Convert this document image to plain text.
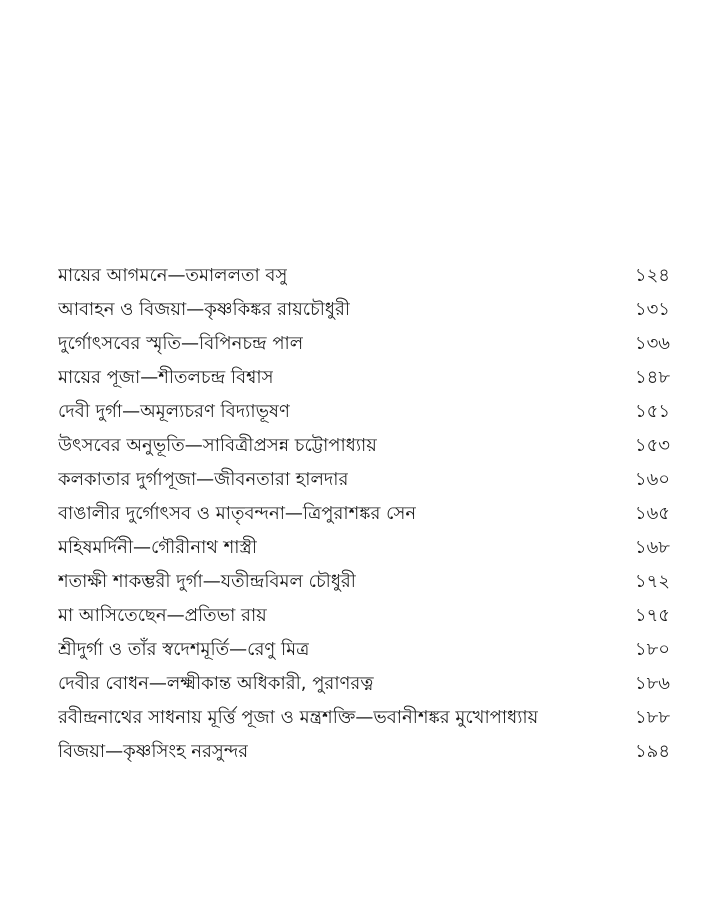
মায়ের আগমনে—তমাললতা বসু	১২৪
আবাহন ও বিজয়া—কৃষ্ণকিঙ্কর রায়চৌধুরী	১৩১
দুর্গোৎসবের স্মৃতি—বিপিনচন্দ্র পাল	১৩৬
মায়ের পূজা—শীতলচন্দ্র বিশ্বাস	১৪৮
দেবী দুর্গা—অমূল্যচরণ বিদ্যাভূষণ	১৫১
উৎসবের অনুভূতি—সাবিত্রীপ্রসন্ন চট্টোপাধ্যায়	১৫৩
কলকাতার দুর্গাপূজা—জীবনতারা হালদার	১৬০
বাঙালীর দুর্গোৎসব ও মাতৃবন্দনা—ত্রিপুরাশঙ্কর সেন	১৬৫
মহিষমর্দিনী—গৌরীনাথ শাস্ত্রী	১৬৮
শতাক্ষী শাকম্ভরী দুর্গা—যতীন্দ্রবিমল চৌধুরী	১৭২
মা আসিতেছেন—প্রতিভা রায়	১৭৫
শ্রীদুর্গা ও তাঁর স্বদেশমূর্তি—রেণু মিত্র	১৮০
দেবীর বোধন—লক্ষ্মীকান্ত অধিকারী, পুরাণরত্ন	১৮৬
রবীন্দ্রনাথের সাধনায় মূর্ত্তি পূজা ও মন্ত্রশক্তি—ভবানীশঙ্কর মুখোপাধ্যায়	১৮৮
বিজয়া—কৃষ্ণসিংহ নরসুন্দর	১৯৪
